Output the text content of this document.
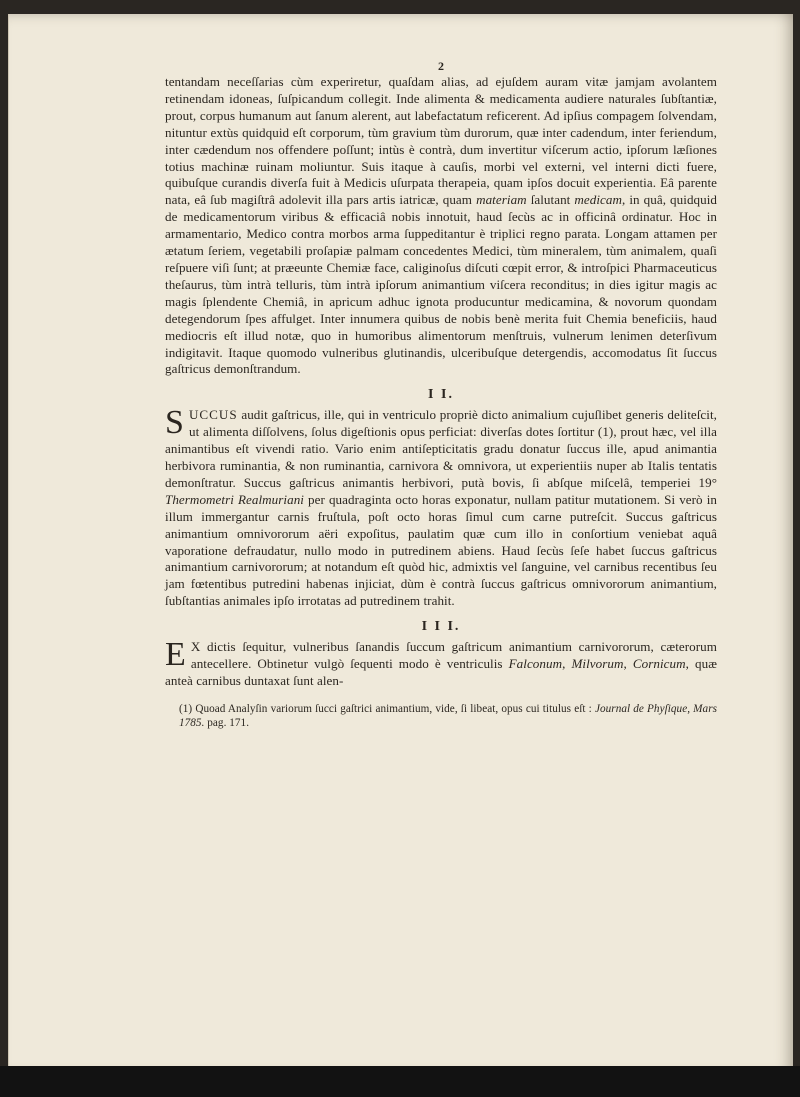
2

tentandam neceſſarias cùm experiretur, quaſdam alias, ad ejuſdem auram vitæ jamjam avolantem retinendam idoneas, ſuſpicandum collegit. Inde alimenta & medicamenta audiere naturales ſubſtantiæ, prout, corpus humanum aut ſanum alerent, aut labefactatum reficerent. Ad ipſius compagem ſolvendam, nituntur extùs quidquid eſt corporum, tùm gravium tùm durorum, quæ inter cadendum, inter feriendum, inter cædendum nos offendere poſſunt; intùs è contrà, dum invertitur viſcerum actio, ipſorum læſiones totius machinæ ruinam moliuntur. Suis itaque à cauſis, morbi vel externi, vel interni dicti fuere, quibuſque curandis diverſa fuit à Medicis uſurpata therapeia, quam ipſos docuit experientia. Eâ parente nata, eâ ſub magiſtrâ adolevit illa pars artis iatricæ, quam materiam ſalutant medicam, in quâ, quidquid de medicamentorum viribus & efficaciâ nobis innotuit, haud ſecùs ac in officinâ ordinatur. Hoc in armamentario, Medico contra morbos arma ſuppeditantur è triplici regno parata. Longam attamen per ætatum ſeriem, vegetabili proſapiæ palmam concedentes Medici, tùm mineralem, tùm animalem, quaſi reſpuere viſi ſunt; at præeunte Chemiæ face, caliginoſus diſcuti cœpit error, & introſpici Pharmaceuticus theſaurus, tùm intrà telluris, tùm intrà ipſorum animantium viſcera reconditus; in dies igitur magis ac magis ſplendente Chemiâ, in apricum adhuc ignota producuntur medicamina, & novorum quondam detegendorum ſpes affulget. Inter innumera quibus de nobis benè merita fuit Chemia beneficiis, haud mediocris eſt illud notæ, quo in humoribus alimentorum menſtruis, vulnerum lenimen deterſivum indigitavit. Itaque quomodo vulneribus glutinandis, ulceribuſque detergendis, accomodatus ſit ſuccus gaſtricus demonſtrandum.

I I.

SUCCUS audit gaſtricus, ille, qui in ventriculo propriè dicto animalium cujuſlibet generis deliteſcit, ut alimenta diſſolvens, ſolus digeſtionis opus perficiat: diverſas dotes ſortitur (1), prout hæc, vel illa animantibus eſt vivendi ratio. Vario enim antiſepticitatis gradu donatur ſuccus ille, apud animantia herbivora ruminantia, & non ruminantia, carnivora & omnivora, ut experientiis nuper ab Italis tentatis demonſtratur. Succus gaſtricus animantis herbivori, putà bovis, ſi abſque miſcelâ, temperiei 19° Thermometri Realmuriani per quadraginta octo horas exponatur, nullam patitur mutationem. Si verò in illum immergantur carnis fruſtula, poſt octo horas ſimul cum carne putreſcit. Succus gaſtricus animantium omnivororum aëri expoſitus, paulatim quæ cum illo in conſortium veniebat aquâ vaporatione defraudatur, nullo modo in putredinem abiens. Haud ſecùs ſeſe habet ſuccus gaſtricus animantium carnivororum; at notandum eſt quòd hic, admixtis vel ſanguine, vel carnibus recentibus ſeu jam fœtentibus putredini habenas injiciat, dùm è contrà ſuccus gaſtricus omnivororum animantium, ſubſtantias animales ipſo irrotatas ad putredinem trahit.

I I I.

E X dictis ſequitur, vulneribus ſanandis ſuccum gaſtricum animantium carnivororum, cæterorum antecellere. Obtinetur vulgò ſequenti modo è ventriculis Falconum, Milvorum, Cornicum, quæ anteà carnibus duntaxat ſunt alen-

(1) Quoad Analyſin variorum ſucci gaſtrici animantium, vide, ſi libeat, opus cui titulus eſt : Journal de Phyſique, Mars 1785. pag. 171.
